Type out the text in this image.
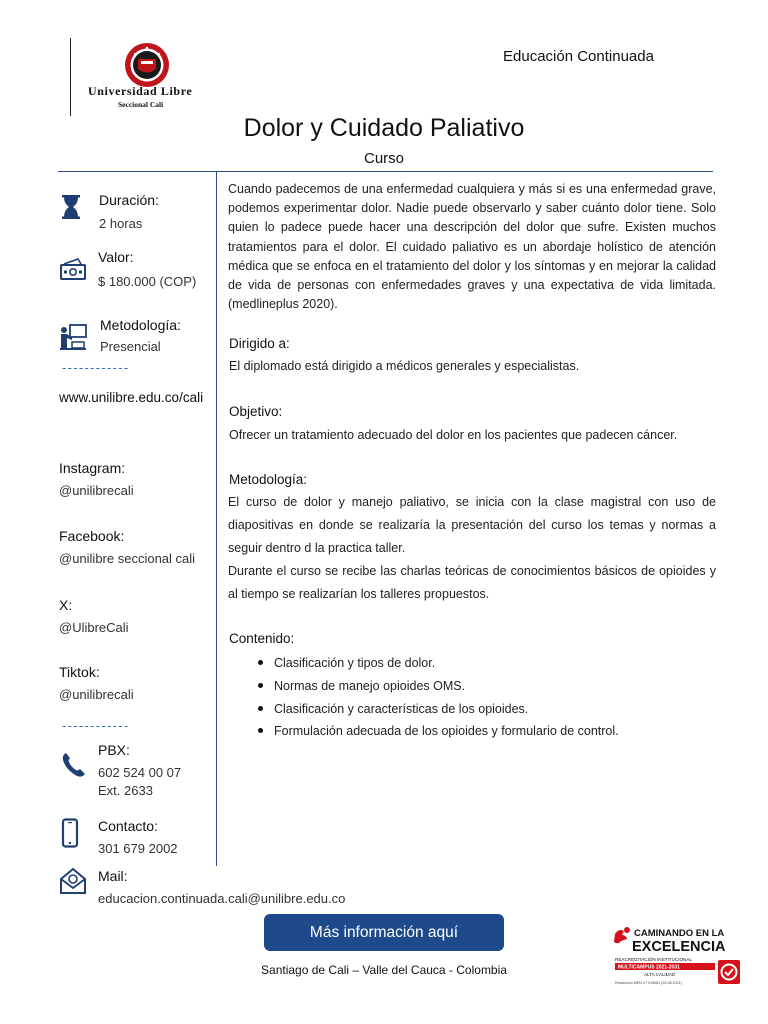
Universidad Libre
Seccional Cali
Educación Continuada
Dolor y Cuidado Paliativo
Curso
Duración:
2 horas
Valor:
$ 180.000 (COP)
Metodología:
Presencial
------------
www.unilibre.edu.co/cali
Instagram:
@unilibrecali
Facebook:
@unilibre seccional cali
X:
@UlibreCali
Tiktok:
@unilibrecali
------------
PBX:
602 524 00 07
Ext. 2633
Contacto:
301 679 2002
Mail:
educacion.continuada.cali@unilibre.edu.co
Cuando padecemos de una enfermedad cualquiera y más si es una enfermedad grave, podemos experimentar dolor. Nadie puede observarlo y saber cuánto dolor tiene. Solo quien lo padece puede hacer una descripción del dolor que sufre. Existen muchos tratamientos para el dolor. El cuidado paliativo es un abordaje holístico de atención médica que se enfoca en el tratamiento del dolor y los síntomas y en mejorar la calidad de vida de personas con enfermedades graves y una expectativa de vida limitada. (medlineplus 2020).
Dirigido a:
El diplomado está dirigido a médicos generales y especialistas.
Objetivo:
Ofrecer un tratamiento adecuado del dolor en los pacientes que padecen cáncer.
Metodología:
El curso de dolor y manejo paliativo, se inicia con la clase magistral con uso de diapositivas en donde se realizaría la presentación del curso los temas y normas a seguir dentro d la practica taller.
Durante el curso se recibe las charlas teóricas de conocimientos básicos de opioides y al tiempo se realizarían los talleres propuestos.
Contenido:
Clasificación y tipos de dolor.
Normas de manejo opioides OMS.
Clasificación y características de los opioides.
Formulación adecuada de los opioides y formulario de control.
Más información aquí
Santiago de Cali – Valle del Cauca - Colombia
CAMINANDO EN LA
EXCELENCIA
REACREDITACIÓN INSTITUCIONAL
MULTICAMPUS 2021-2031
ALTA CALIDAD
Resolución MEN n.º 015061 (25-08-2021)
